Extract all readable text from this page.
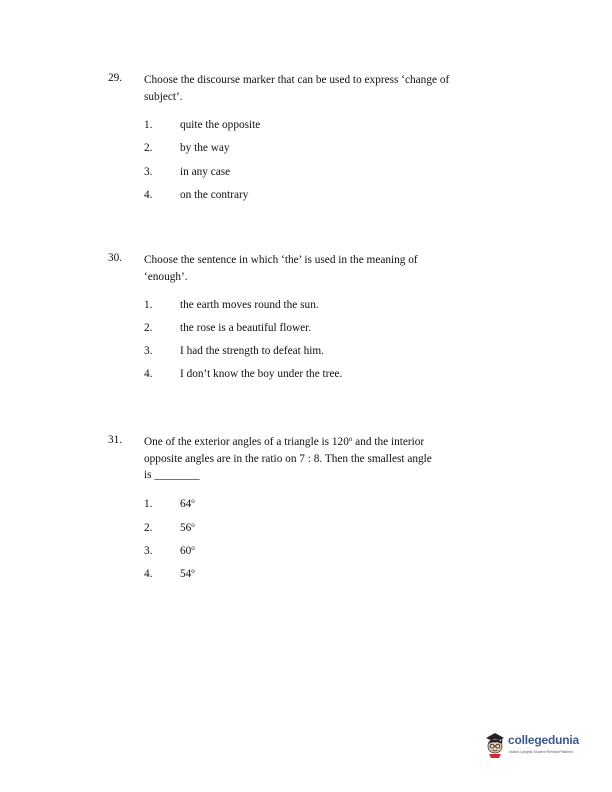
29. Choose the discourse marker that can be used to express ‘change of
subject’.
1. quite the opposite
2. by the way
3. in any case
4. on the contrary
30. Choose the sentence in which ‘the’ is used in the meaning of
‘enough’.
1. the earth moves round the sun.
2. the rose is a beautiful flower.
3. I had the strength to defeat him.
4. I don’t know the boy under the tree.
31. One of the exterior angles of a triangle is 120$^o$ and the interior
opposite angles are in the ratio on 7 : 8. Then the smallest angle
is ________
1. 64$^o$
2. 56$^o$
3. 60$^o$
4. 54$^o$
collegedunia
India's Largest Student Review Platform
